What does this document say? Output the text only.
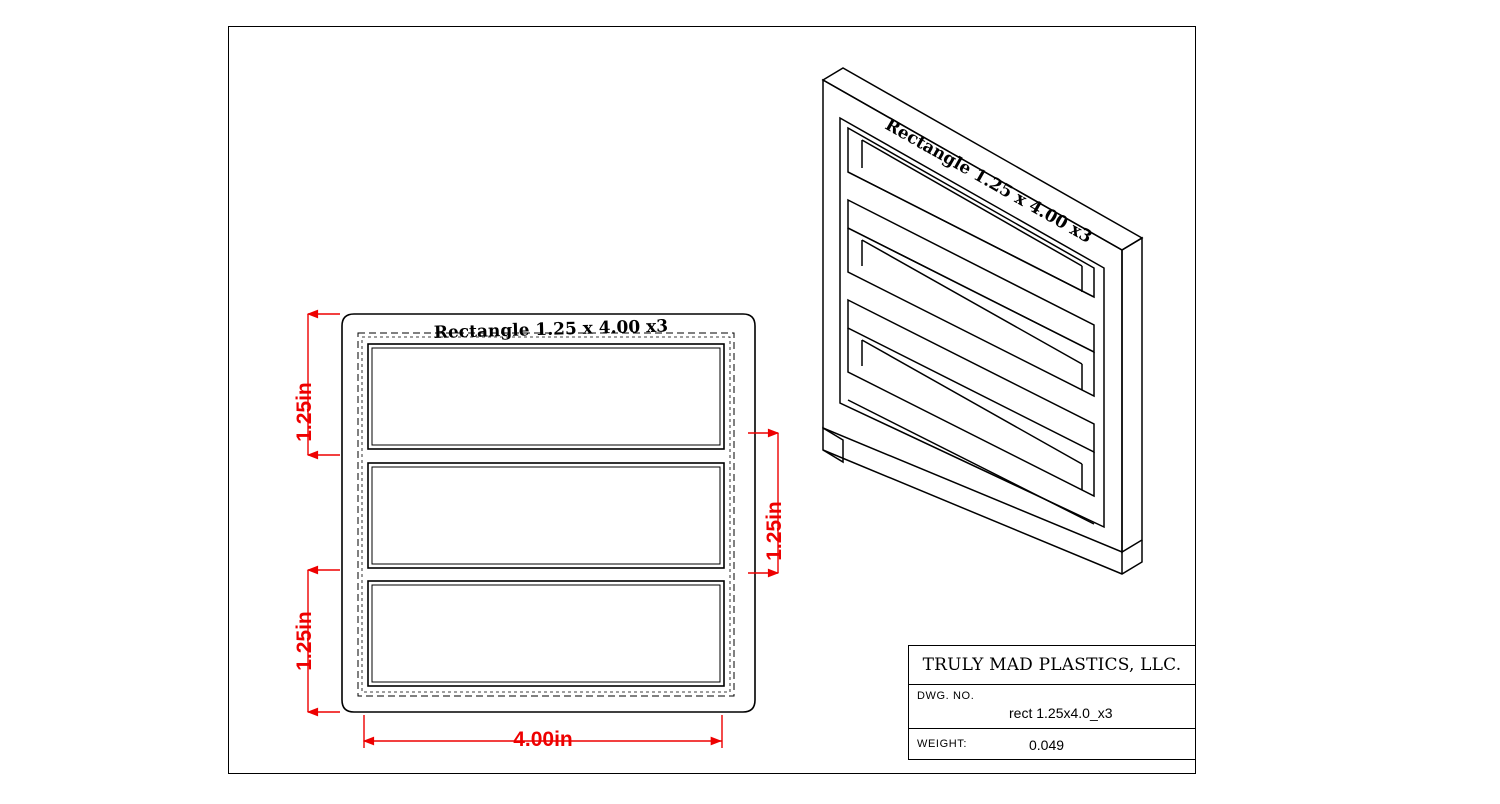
Rectangle 1.25 x 4.00 x3
1.25in
1.25in
1.25in
4.00in
Rectangle 1.25 x 4.00 x3
TRULY MAD PLASTICS, LLC.
DWG. NO.
rect 1.25x4.0_x3
WEIGHT:	0.049
